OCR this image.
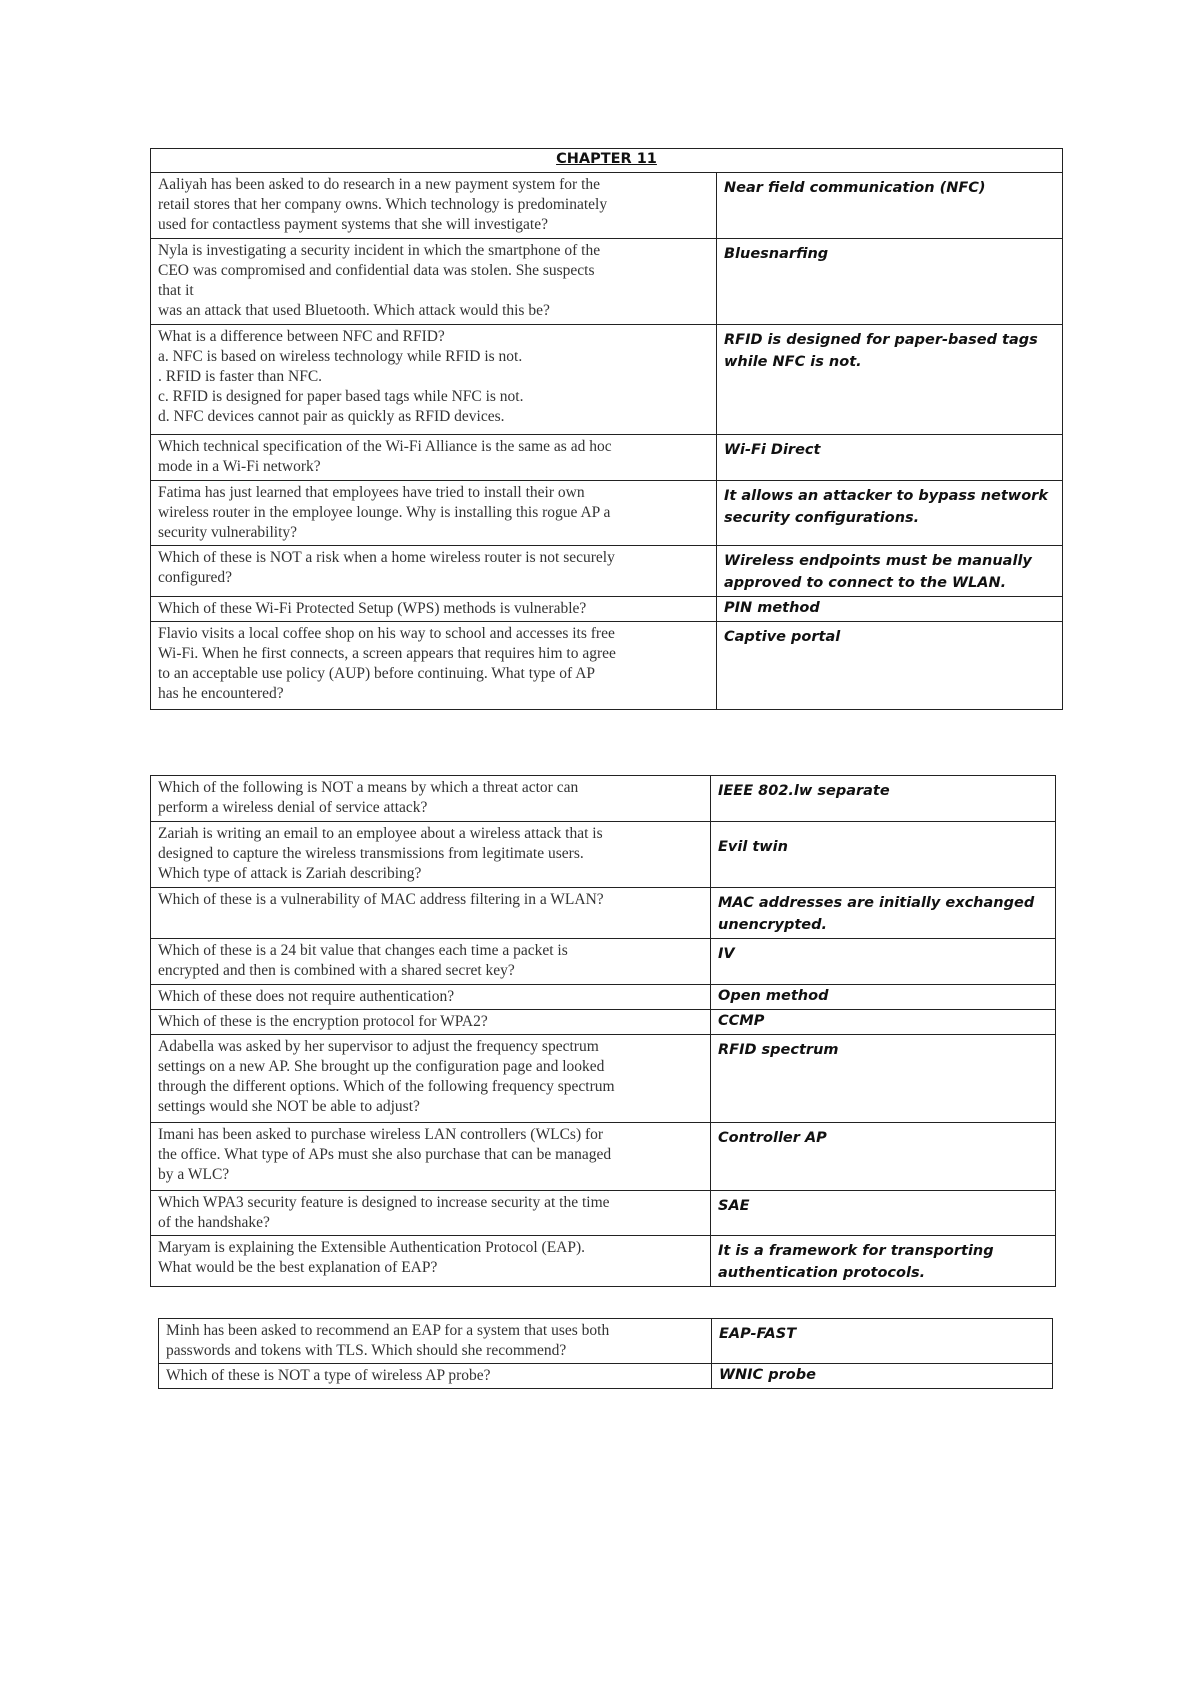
CHAPTER 11	
Aaliyah has been asked to do research in a new payment system for the
retail stores that her company owns. Which technology is predominately
used for contactless payment systems that she will investigate?	Near field communication (NFC)
Nyla is investigating a security incident in which the smartphone of the
CEO was compromised and confidential data was stolen. She suspects
that it
was an attack that used Bluetooth. Which attack would this be?	Bluesnarfing
What is a difference between NFC and RFID?
a. NFC is based on wireless technology while RFID is not.
. RFID is faster than NFC.
c. RFID is designed for paper based tags while NFC is not.
d. NFC devices cannot pair as quickly as RFID devices.	RFID is designed for paper-based tags while NFC is not.
Which technical specification of the Wi-Fi Alliance is the same as ad hoc
mode in a Wi-Fi network?	Wi-Fi Direct
Fatima has just learned that employees have tried to install their own
wireless router in the employee lounge. Why is installing this rogue AP a
security vulnerability?	It allows an attacker to bypass network security configurations.
Which of these is NOT a risk when a home wireless router is not securely
configured?	Wireless endpoints must be manually approved to connect to the WLAN.
Which of these Wi-Fi Protected Setup (WPS) methods is vulnerable?	PIN method
Flavio visits a local coffee shop on his way to school and accesses its free
Wi-Fi. When he first connects, a screen appears that requires him to agree
to an acceptable use policy (AUP) before continuing. What type of AP
has he encountered?	Captive portal
Which of the following is NOT a means by which a threat actor can
perform a wireless denial of service attack?	IEEE 802.lw separate
Zariah is writing an email to an employee about a wireless attack that is
designed to capture the wireless transmissions from legitimate users.
Which type of attack is Zariah describing?	Evil twin
Which of these is a vulnerability of MAC address filtering in a WLAN?	MAC addresses are initially exchanged unencrypted.
Which of these is a 24 bit value that changes each time a packet is
encrypted and then is combined with a shared secret key?	IV
Which of these does not require authentication?	Open method
Which of these is the encryption protocol for WPA2?	CCMP
Adabella was asked by her supervisor to adjust the frequency spectrum
settings on a new AP. She brought up the configuration page and looked
through the different options. Which of the following frequency spectrum
settings would she NOT be able to adjust?	RFID spectrum
Imani has been asked to purchase wireless LAN controllers (WLCs) for
the office. What type of APs must she also purchase that can be managed
by a WLC?	Controller AP
Which WPA3 security feature is designed to increase security at the time
of the handshake?	SAE
Maryam is explaining the Extensible Authentication Protocol (EAP).
What would be the best explanation of EAP?	It is a framework for transporting authentication protocols.
Minh has been asked to recommend an EAP for a system that uses both
passwords and tokens with TLS. Which should she recommend?	EAP-FAST
Which of these is NOT a type of wireless AP probe?	WNIC probe
